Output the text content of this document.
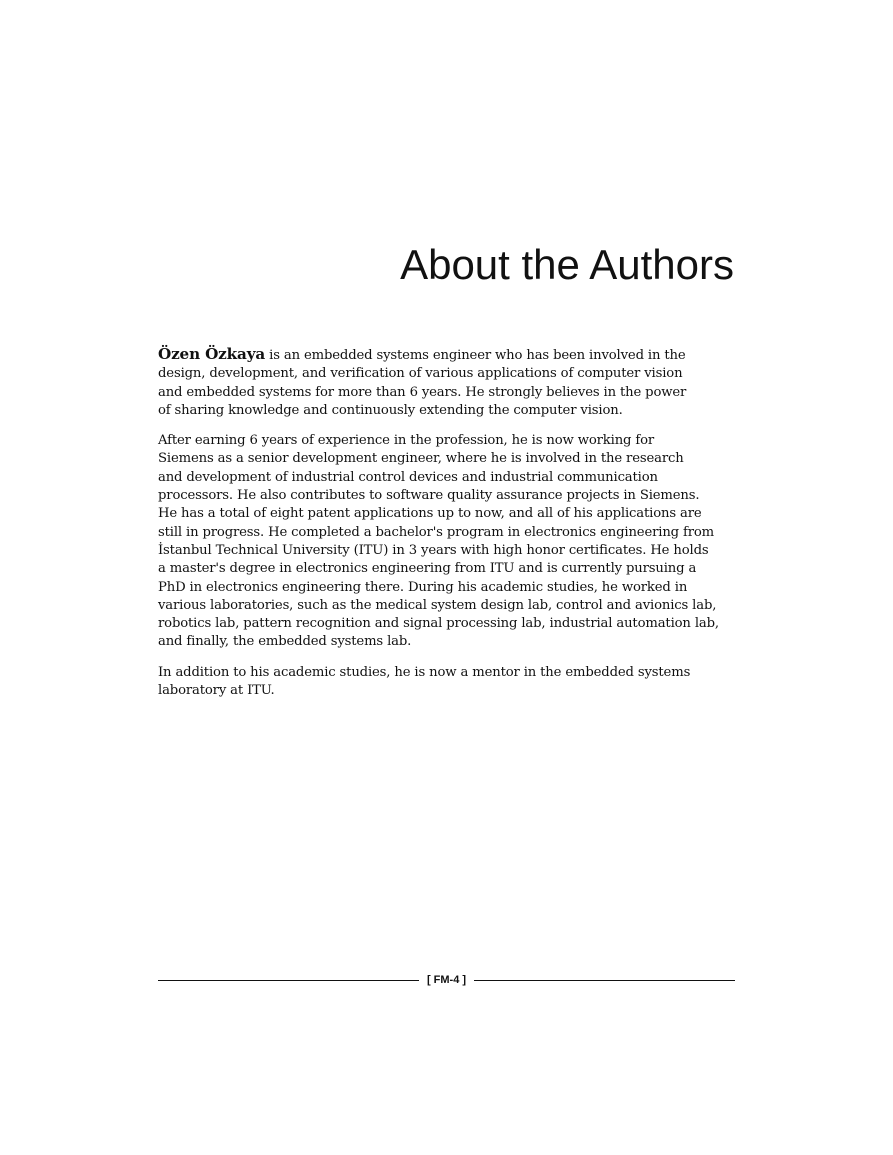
About the Authors

Özen Özkaya is an embedded systems engineer who has been involved in the
design, development, and verification of various applications of computer vision
and embedded systems for more than 6 years. He strongly believes in the power
of sharing knowledge and continuously extending the computer vision.

After earning 6 years of experience in the profession, he is now working for
Siemens as a senior development engineer, where he is involved in the research
and development of industrial control devices and industrial communication
processors. He also contributes to software quality assurance projects in Siemens.
He has a total of eight patent applications up to now, and all of his applications are
still in progress. He completed a bachelor's program in electronics engineering from
İstanbul Technical University (ITU) in 3 years with high honor certificates. He holds
a master's degree in electronics engineering from ITU and is currently pursuing a
PhD in electronics engineering there. During his academic studies, he worked in
various laboratories, such as the medical system design lab, control and avionics lab,
robotics lab, pattern recognition and signal processing lab, industrial automation lab,
and finally, the embedded systems lab.

In addition to his academic studies, he is now a mentor in the embedded systems
laboratory at ITU.

[ FM-4 ]
